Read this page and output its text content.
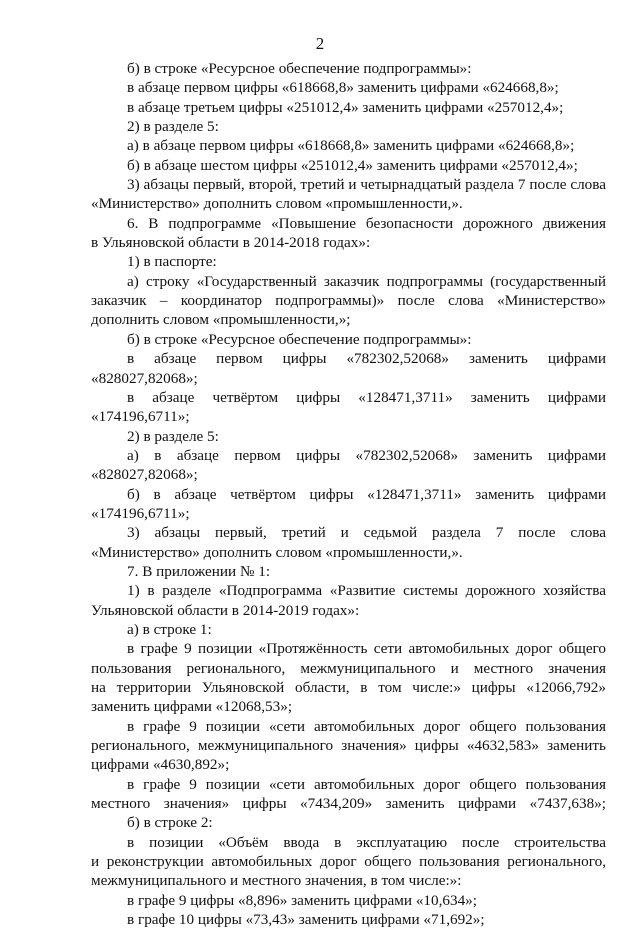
2
б) в строке «Ресурсное обеспечение подпрограммы»:
в абзаце первом цифры «618668,8» заменить цифрами «624668,8»;
в абзаце третьем цифры «251012,4» заменить цифрами «257012,4»;
2) в разделе 5:
а) в абзаце первом цифры «618668,8» заменить цифрами «624668,8»;
б) в абзаце шестом цифры «251012,4» заменить цифрами «257012,4»;
3) абзацы первый, второй, третий и четырнадцатый раздела 7 после слова
«Министерство» дополнить словом «промышленности,».
6. В подпрограмме «Повышение безопасности дорожного движения
в Ульяновской области в 2014-2018 годах»:
1) в паспорте:
а) строку «Государственный заказчик подпрограммы (государственный
заказчик – координатор подпрограммы)» после слова «Министерство»
дополнить словом «промышленности,»;
б) в строке «Ресурсное обеспечение подпрограммы»:
в абзаце первом цифры «782302,52068» заменить цифрами
«828027,82068»;
в абзаце четвёртом цифры «128471,3711» заменить цифрами
«174196,6711»;
2) в разделе 5:
а) в абзаце первом цифры «782302,52068» заменить цифрами
«828027,82068»;
б) в абзаце четвёртом цифры «128471,3711» заменить цифрами
«174196,6711»;
3) абзацы первый, третий и седьмой раздела 7 после слова
«Министерство» дополнить словом «промышленности,».
7. В приложении № 1:
1) в разделе «Подпрограмма «Развитие системы дорожного хозяйства
Ульяновской области в 2014-2019 годах»:
а) в строке 1:
в графе 9 позиции «Протяжённость сети автомобильных дорог общего
пользования регионального, межмуниципального и местного значения
на территории Ульяновской области, в том числе:» цифры «12066,792»
заменить цифрами «12068,53»;
в графе 9 позиции «сети автомобильных дорог общего пользования
регионального, межмуниципального значения» цифры «4632,583» заменить
цифрами «4630,892»;
в графе 9 позиции «сети автомобильных дорог общего пользования
местного значения» цифры «7434,209» заменить цифрами «7437,638»;
б) в строке 2:
в позиции «Объём ввода в эксплуатацию после строительства
и реконструкции автомобильных дорог общего пользования регионального,
межмуниципального и местного значения, в том числе:»:
в графе 9 цифры «8,896» заменить цифрами «10,634»;
в графе 10 цифры «73,43» заменить цифрами «71,692»;
